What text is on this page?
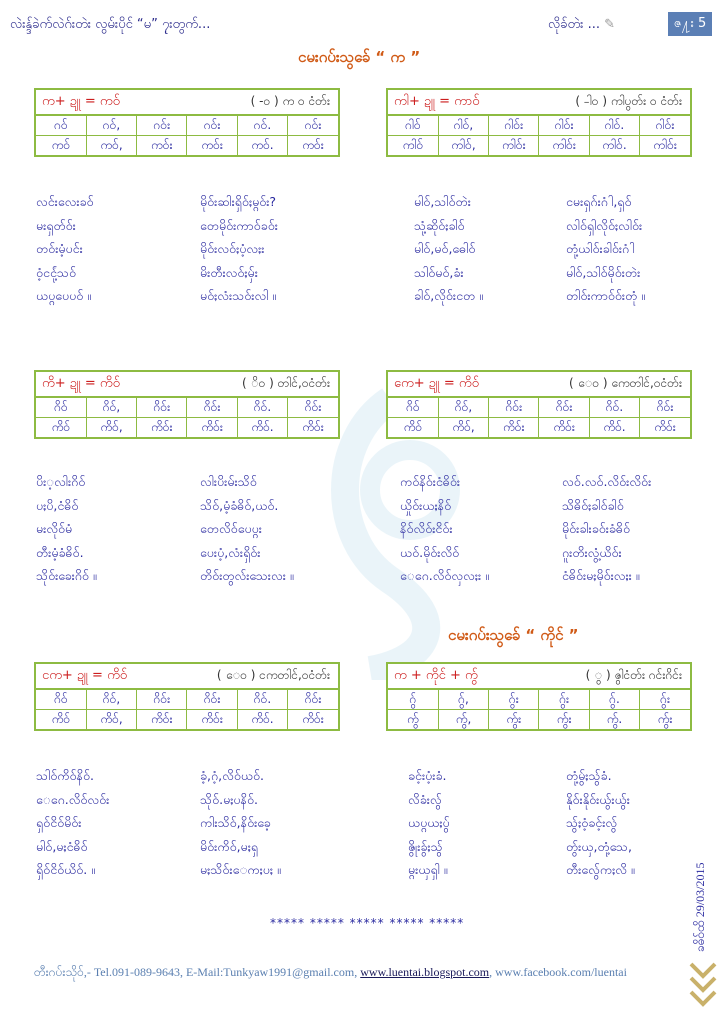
လဲးန္ဒ်ခဲက်လဲဂ်းတဲး လွမ်းပိုင် “မ” ၇ုးတွက်...	လိုခ်တဲး ... ✎	ဇ႔း 5
ငမးဂပ်းသွခ်ေ “ က ”
ငမးဂပ်းသွခ်ေ “ ကိုင် ”
က+ ဍူ = ကဝ်	( -ဝ ) က ဝ ငံတ်း
ဂဝ်	ဂဝ်,	ဂဝ်း	ဂဝ်း	ဂဝ်.	ဂဝ်း
ကဝ်	ကဝ်,	ကဝ်း	ကဝ်း	ကဝ်.	ကဝ်း
ကါ+ ဍူ = ကာဝ်	( -ါဝ ) ကါပွတ်း ဝ ငံတ်း
ဂါဝ်	ဂါဝ်,	ဂါဝ်း	ဂါဝ်း	ဂါဝ်.	ဂါဝ်း
ကါဝ်	ကါဝ်,	ကါဝ်း	ကါဝ်း	ကါဝ်.	ကါဝ်း
ကိ+ ဍူ = ကိဝ်	( ိဝ ) တါင်,ဝငံတ်း
ဂိဝ်	ဂိဝ်,	ဂိဝ်း	ဂိဝ်း	ဂိဝ်.	ဂိဝ်း
ကိဝ်	ကိဝ်,	ကိဝ်း	ကိဝ်း	ကိဝ်.	ကိဝ်း
ကေ+ ဍူ = ကိဝ်	( ေဝ ) ကေတါင်,ဝငံတ်း
ဂိဝ်	ဂိဝ်,	ဂိဝ်း	ဂိဝ်း	ဂိဝ်.	ဂိဝ်း
ကိဝ်	ကိဝ်,	ကိဝ်း	ကိဝ်း	ကိဝ်.	ကိဝ်း
ငက+ ဍူ = ကိဝ်	( ေဝ ) ငကတါင်,ဝငံတ်း
ဂိဝ်	ဂိဝ်,	ဂိဝ်း	ဂိဝ်း	ဂိဝ်.	ဂိဝ်း
ကိဝ်	ကိဝ်,	ကိဝ်း	ကိဝ်း	ကိဝ်.	ကိဝ်း
က + ကိုင် + ကွ်	( ွ ) ဇွါငံတ်း ဂင်းဂိင်း
ဂွ်	ဂွ်,	ဂွ်း	ဂွ်း	ဂွ်.	ဂွ်း
ကွ်	ကွ်,	ကွ်း	ကွ်း	ကွ်.	ကွ်း
လင်းလေးခဝ်
မးရှတ်ဝ်း
တဝ်းမံ့ပင်း
ဝံ့ငင်ုံ့သဝ်
ယပ္ဂပေပဝ် ။
မိုဝ်းဆါးရှိဝ်ႈမ္ဂဝ်း?
တေမိုဝ်းကာဝ်ခဝ်း
မိုဝ်းလဝ်ႈပံ့လႈး
မိးတီးလဝ်ႈမှ်း
မဝ်ႈလံးသဝ်းလါ ။
မါဝ်,သါဝ်တဲး
သုံ့ဆိုဝ်ႈခါဝ်
မါဝ်,မဝ်,ဓေါဝ်
သါဝ်မဝ်,ခံး
ခါဝ်,လိုဝ်းငတ ။
ငမးရှဂ်းဂါံ,ရှဝ်
လါဝ်ရှါလိုဝ်ႈလါဝ်း
တုံ့ယါဝ်းခါဝ်းဂါံ
မါဝ်,သါဝ်မိုဝ်းတဲး
တါဝ်းကာဝ်ဝ်းတုံ ။
ပိး့လါးဂိဝ်
ပႈပိ,ငံဓိဝ်
မးလိုဝ်မံ
တီးမံ့ခံဓိဝ်.
သိုဝ်းခေးဂိဝ် ။
လါးပိးမ်းသိဝ်
သိဝ်,မံ့ခံဓိဝ်,ယဝ်.
တေလိဝ်ပေပ္ဂး
ပေးပံ့,လံးရှိဝ်း
တိဝ်းတွလ်းသေးလး ။
ကဝ်နိဝ်းငံဓိဝ်း
ယှိုဝ်းယႈနိဝ်
နိဝ်လိဝ်းငိဝ်း
ယဝ်.မိုဝ်းလိဝ်
ေဂေ.လိဝ်လှလႈး ။
လဝ်.လဝ်.လိဝ်းလိဝ်း
သိဓိဝ်ႈခါဝ်ခါဝ်
မိုဝ်းခါးခဝ်းခံဓိဝ်
ဂူးတိးလွံ့ယိဝ်း
ငံဓိဝ်းမႈမိုဝ်းလႈး ။
သါဝ်ကိဝ်နိဝ်.
ေဂေ.လိဝ်လဝ်း
ရှဝ်ငိဝ်မိဝ်း
မါဝ်,မႈငံဓိဝ်
ရှိဝ်ငိဝ်ယိဝ်. ။
ခံ့,ဂံ့,လိဝ်ယဝ်.
သိုဝ်.မႈပနိဝ်.
ကါးသိဝ်,နိဝ်းခေ့
မိဝ်းကိဝ်,မႈရှ
မႈသိဝ်းေကႈပႈ ။
ခင့်းပံ့းခံ.
လိခံးလွ်
ယပ္ဂယႈပွ်
ဇွိုးခွ်ႈသွ်
မ္ဂးယှရှါ ။
တုံ့မွ်ႈသွ်ခံ.
နိုဝ်းနိုဝ်းယွ်းယွ်း
သွ်ႈဝံ့ခင့်းလွ်
တွ်းယှ,တုံ့သေ,
တီးလွ်ေကႈလိ ။
***** ***** ***** ***** *****	ခဓိဝ်ထိ 29/03/2015
တီးဂပ်းသိုဝ်,- Tel.091-089-9643, E-Mail:Tunkyaw1991@gmail.com, www.luentai.blogspot.com, www.facebook.com/luentai
